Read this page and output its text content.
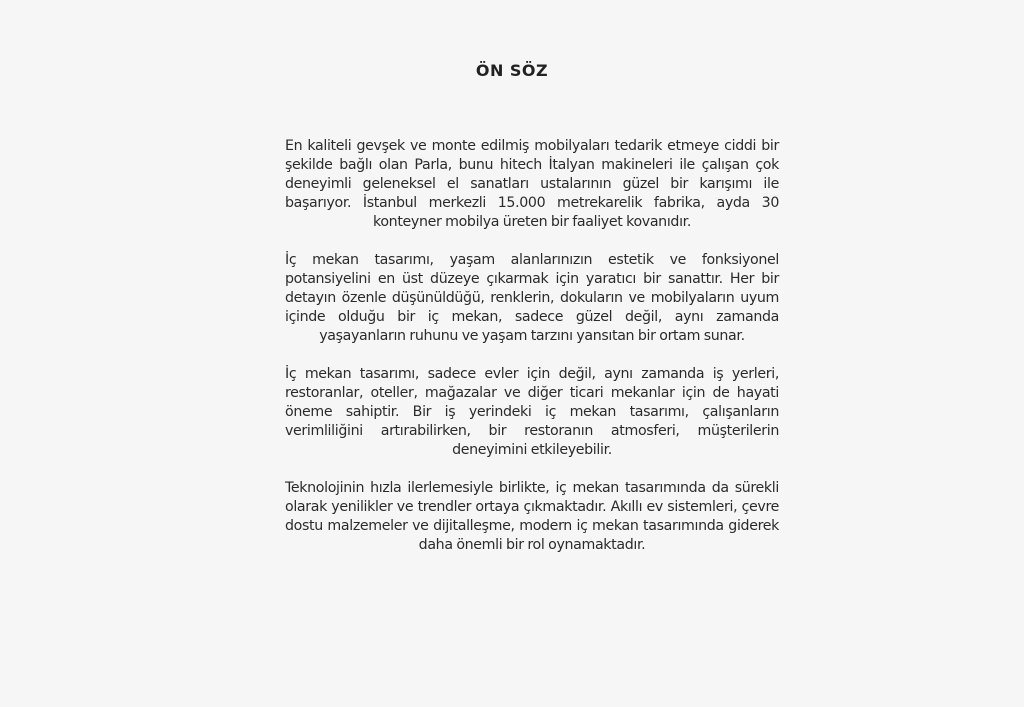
ÖN SÖZ

En kaliteli gevşek ve monte edilmiş mobilyaları tedarik etmeye ciddi bir şekilde bağlı olan Parla, bunu hitech İtalyan makineleri ile çalışan çok deneyimli geleneksel el sanatları ustalarının güzel bir karışımı ile başarıyor. İstanbul merkezli 15.000 metrekarelik fabrika, ayda 30 konteyner mobilya üreten bir faaliyet kovanıdır.

İç mekan tasarımı, yaşam alanlarınızın estetik ve fonksiyonel potansiyelini en üst düzeye çıkarmak için yaratıcı bir sanattır. Her bir detayın özenle düşünüldüğü, renklerin, dokuların ve mobilyaların uyum içinde olduğu bir iç mekan, sadece güzel değil, aynı zamanda yaşayanların ruhunu ve yaşam tarzını yansıtan bir ortam sunar.

İç mekan tasarımı, sadece evler için değil, aynı zamanda iş yerleri, restoranlar, oteller, mağazalar ve diğer ticari mekanlar için de hayati öneme sahiptir. Bir iş yerindeki iç mekan tasarımı, çalışanların verimliliğini artırabilirken, bir restoranın atmosferi, müşterilerin deneyimini etkileyebilir.

Teknolojinin hızla ilerlemesiyle birlikte, iç mekan tasarımında da sürekli olarak yenilikler ve trendler ortaya çıkmaktadır. Akıllı ev sistemleri, çevre dostu malzemeler ve dijitalleşme, modern iç mekan tasarımında giderek daha önemli bir rol oynamaktadır.
